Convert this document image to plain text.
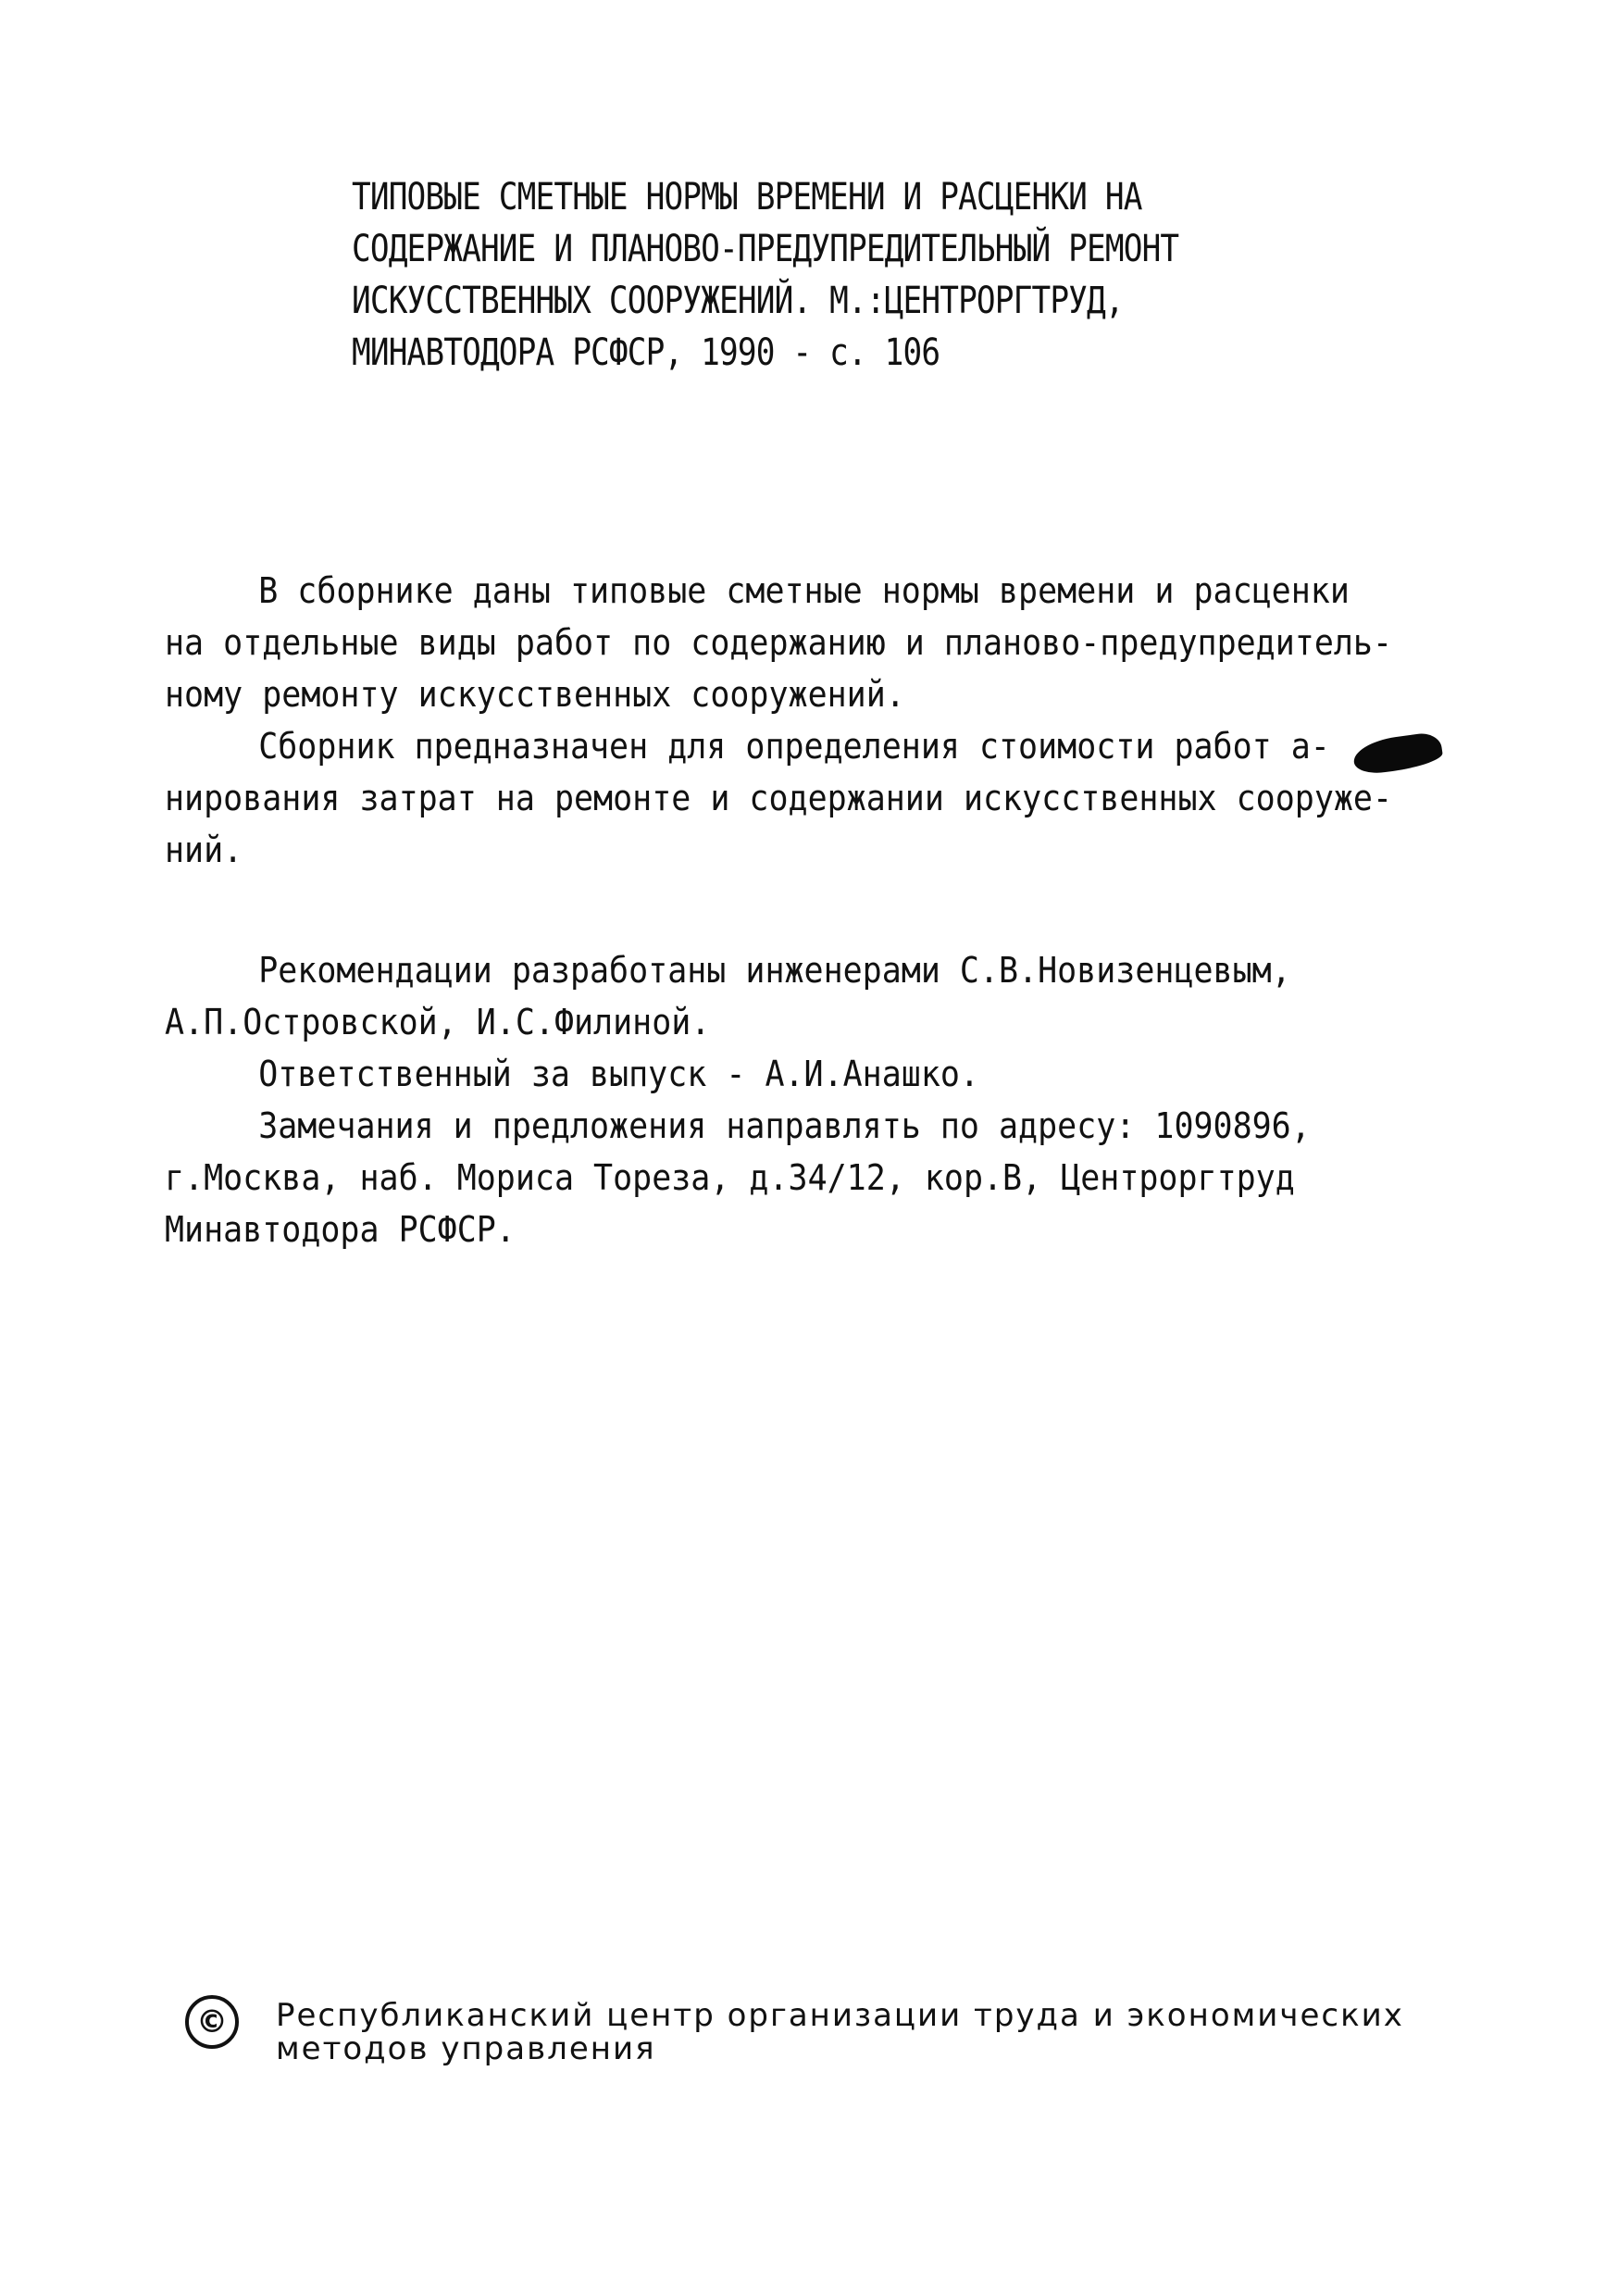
ТИПОВЫЕ СМЕТНЫЕ НОРМЫ ВРЕМЕНИ И РАСЦЕНКИ НА
СОДЕРЖАНИЕ И ПЛАНОВО-ПРЕДУПРЕДИТЕЛЬНЫЙ РЕМОНТ
ИСКУССТВЕННЫХ СООРУЖЕНИЙ. М.:ЦЕНТРОРГТРУД,
МИНАВТОДОРА РСФСР, 1990 - с. 106
В сборнике даны типовые сметные нормы времени и расценки
на отдельные виды работ по содержанию и планово-предупредитель-
ному ремонту искусственных сооружений.
Сборник предназначен для определения стоимости работ а-
нирования затрат на ремонте и содержании искусственных сооруже-
ний.
Рекомендации разработаны инженерами С.В.Новизенцевым,
А.П.Островской, И.С.Филиной.
Ответственный за выпуск - А.И.Анашко.
Замечания и предложения направлять по адресу: 1090896,
г.Москва, наб. Мориса Тореза, д.34/12, кор.В, Центроргтруд
Минавтодора РСФСР.
©	Республиканский центр организации труда и экономических
методов управления
